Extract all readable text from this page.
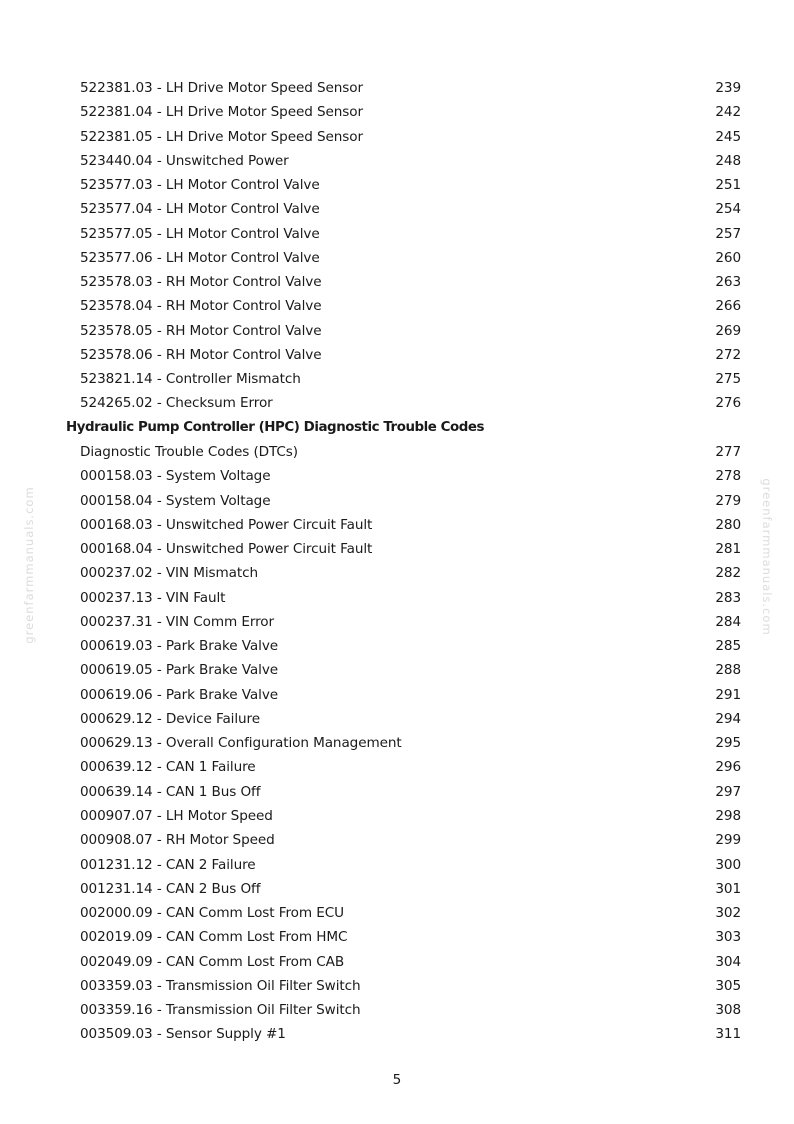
greenfarmmanuals.com	greenfarmmanuals.com
522381.03 - LH Drive Motor Speed Sensor	239
522381.04 - LH Drive Motor Speed Sensor	242
522381.05 - LH Drive Motor Speed Sensor	245
523440.04 - Unswitched Power	248
523577.03 - LH Motor Control Valve	251
523577.04 - LH Motor Control Valve	254
523577.05 - LH Motor Control Valve	257
523577.06 - LH Motor Control Valve	260
523578.03 - RH Motor Control Valve	263
523578.04 - RH Motor Control Valve	266
523578.05 - RH Motor Control Valve	269
523578.06 - RH Motor Control Valve	272
523821.14 - Controller Mismatch	275
524265.02 - Checksum Error	276
Hydraulic Pump Controller (HPC) Diagnostic Trouble Codes
Diagnostic Trouble Codes (DTCs)	277
000158.03 - System Voltage	278
000158.04 - System Voltage	279
000168.03 - Unswitched Power Circuit Fault	280
000168.04 - Unswitched Power Circuit Fault	281
000237.02 - VIN Mismatch	282
000237.13 - VIN Fault	283
000237.31 - VIN Comm Error	284
000619.03 - Park Brake Valve	285
000619.05 - Park Brake Valve	288
000619.06 - Park Brake Valve	291
000629.12 - Device Failure	294
000629.13 - Overall Configuration Management	295
000639.12 - CAN 1 Failure	296
000639.14 - CAN 1 Bus Off	297
000907.07 - LH Motor Speed	298
000908.07 - RH Motor Speed	299
001231.12 - CAN 2 Failure	300
001231.14 - CAN 2 Bus Off	301
002000.09 - CAN Comm Lost From ECU	302
002019.09 - CAN Comm Lost From HMC	303
002049.09 - CAN Comm Lost From CAB	304
003359.03 - Transmission Oil Filter Switch	305
003359.16 - Transmission Oil Filter Switch	308
003509.03 - Sensor Supply #1	311
5
